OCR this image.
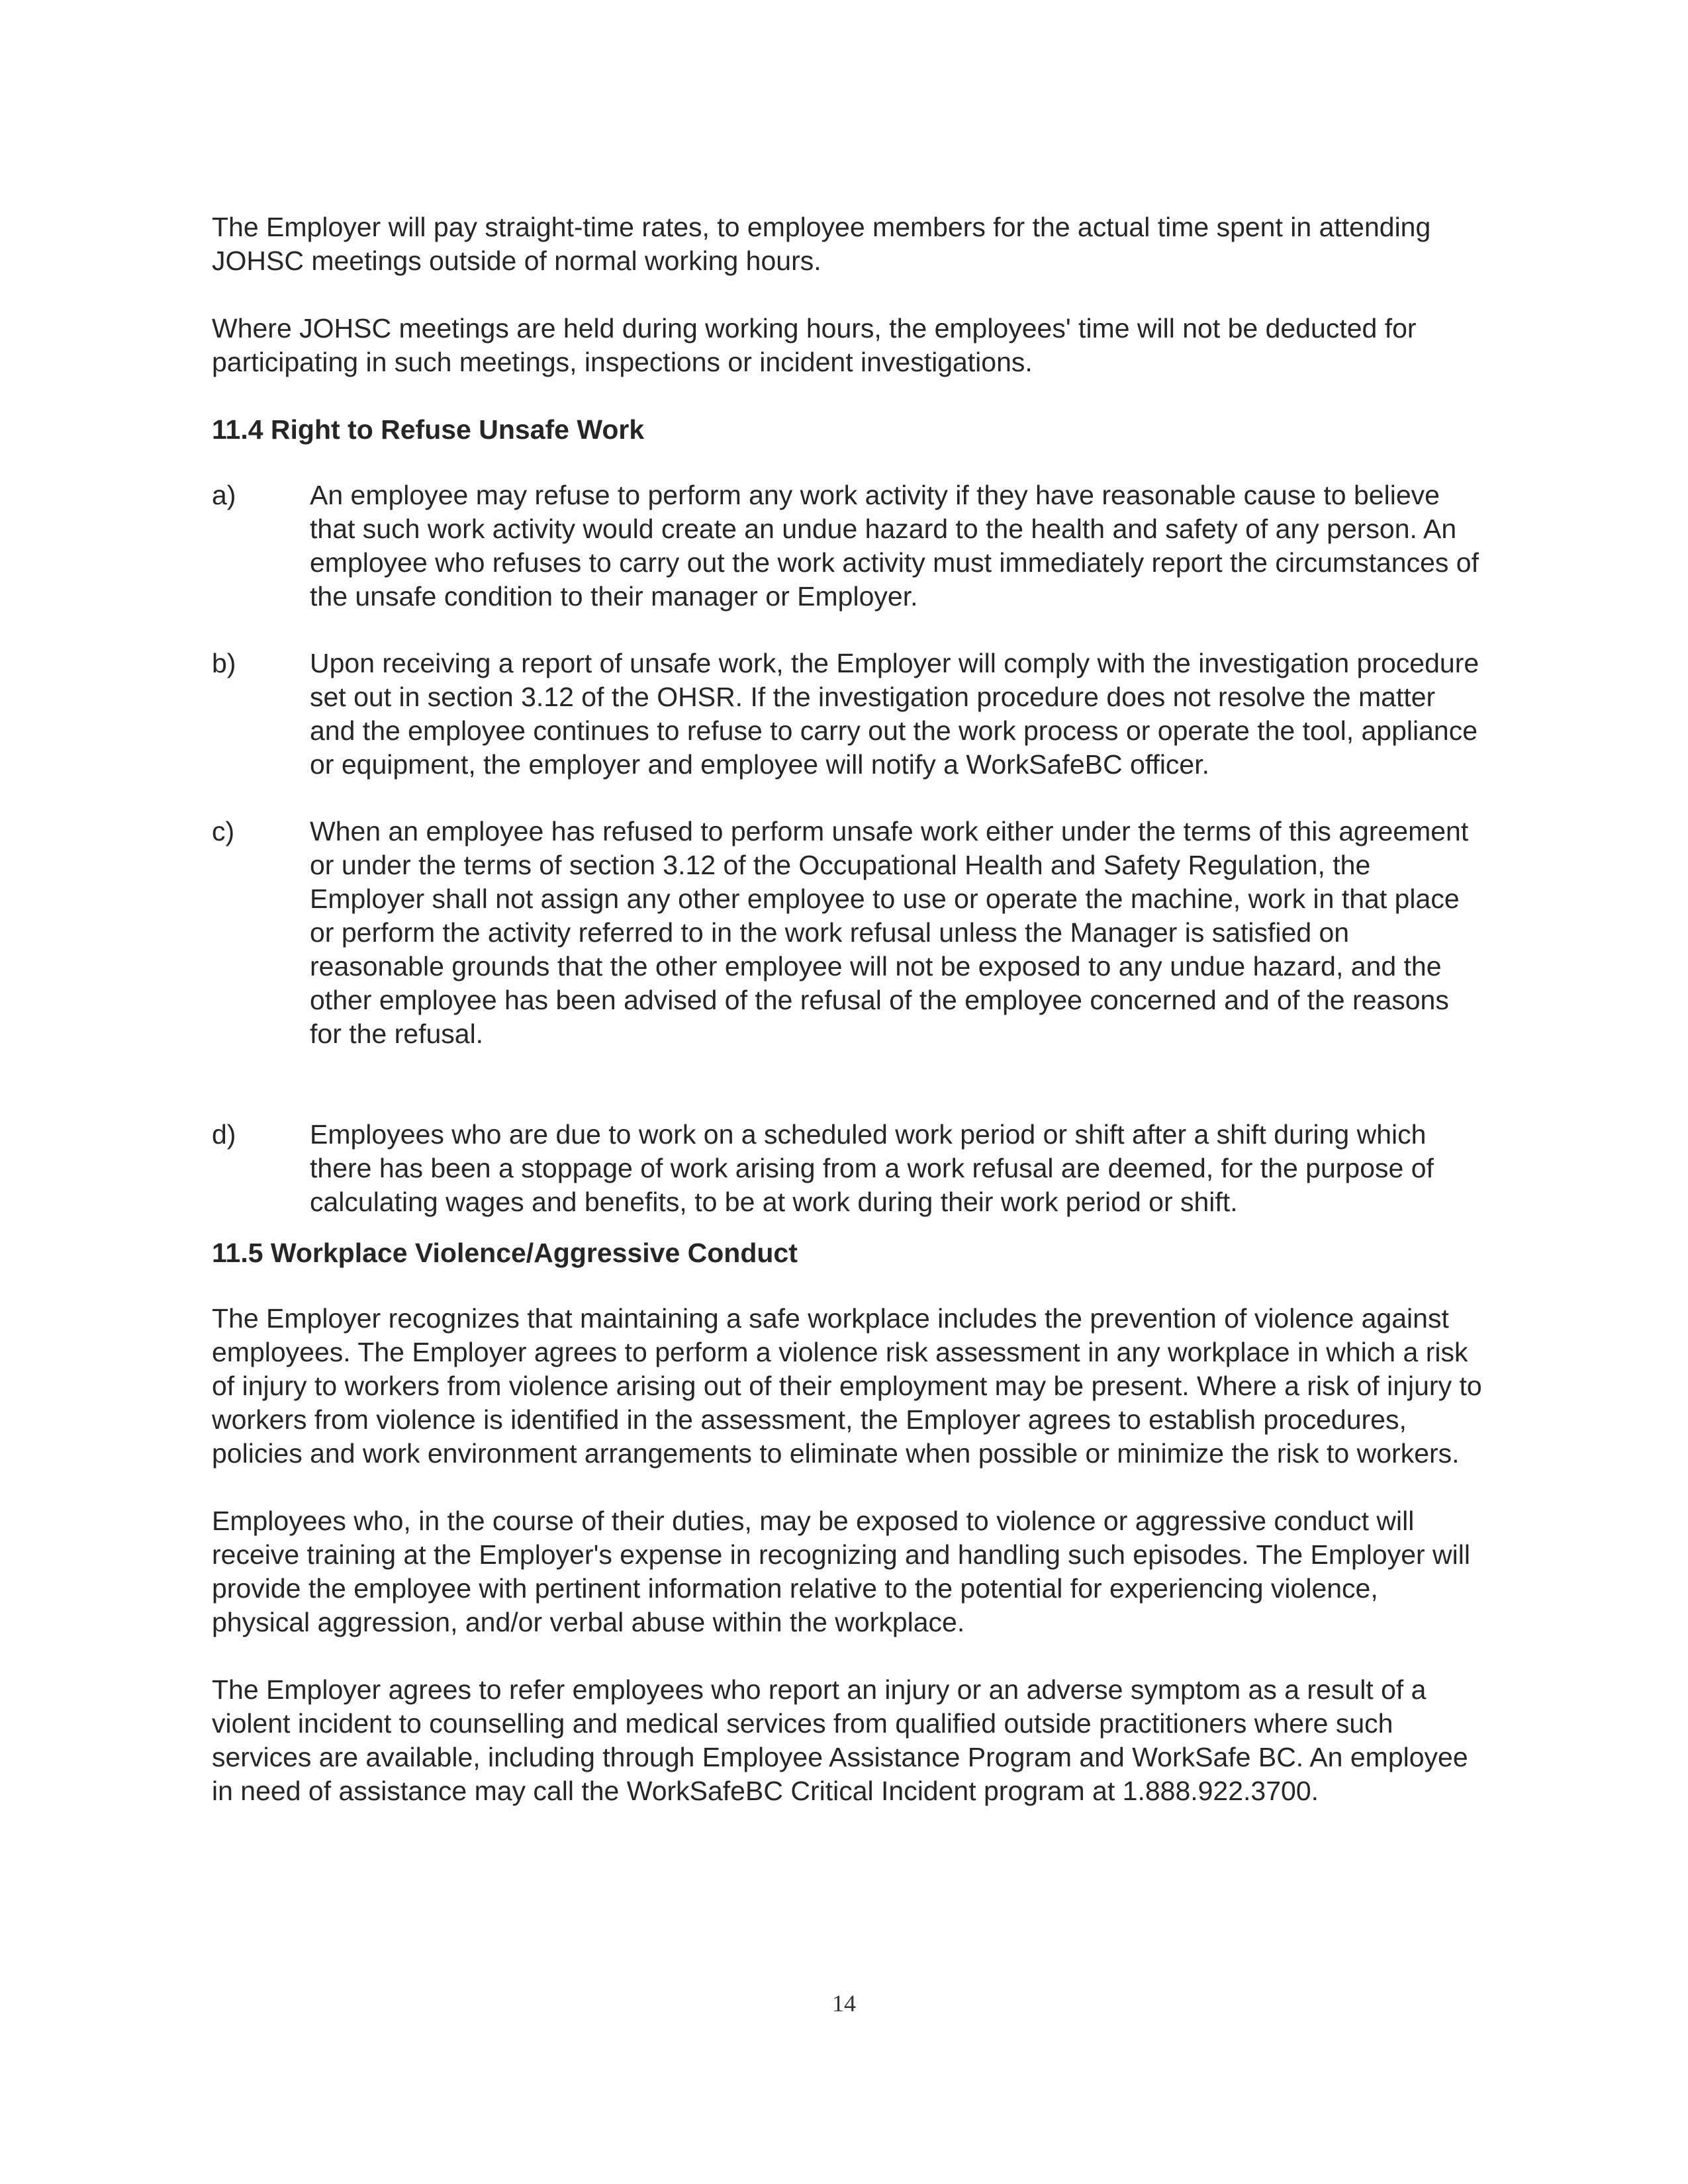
The Employer will pay straight-time rates, to employee members for the actual time spent in attending JOHSC meetings outside of normal working hours.

Where JOHSC meetings are held during working hours, the employees' time will not be deducted for participating in such meetings, inspections or incident investigations.

11.4 Right to Refuse Unsafe Work

a)	An employee may refuse to perform any work activity if they have reasonable cause to believe that such work activity would create an undue hazard to the health and safety of any person. An employee who refuses to carry out the work activity must immediately report the circumstances of the unsafe condition to their manager or Employer.

b)	Upon receiving a report of unsafe work, the Employer will comply with the investigation procedure set out in section 3.12 of the OHSR. If the investigation procedure does not resolve the matter and the employee continues to refuse to carry out the work process or operate the tool, appliance or equipment, the employer and employee will notify a WorkSafeBC officer.

c)	When an employee has refused to perform unsafe work either under the terms of this agreement or under the terms of section 3.12 of the Occupational Health and Safety Regulation, the Employer shall not assign any other employee to use or operate the machine, work in that place or perform the activity referred to in the work refusal unless the Manager is satisfied on reasonable grounds that the other employee will not be exposed to any undue hazard, and the other employee has been advised of the refusal of the employee concerned and of the reasons for the refusal.

d)	Employees who are due to work on a scheduled work period or shift after a shift during which there has been a stoppage of work arising from a work refusal are deemed, for the purpose of calculating wages and benefits, to be at work during their work period or shift.

11.5 Workplace Violence/Aggressive Conduct

The Employer recognizes that maintaining a safe workplace includes the prevention of violence against employees. The Employer agrees to perform a violence risk assessment in any workplace in which a risk of injury to workers from violence arising out of their employment may be present. Where a risk of injury to workers from violence is identified in the assessment, the Employer agrees to establish procedures, policies and work environment arrangements to eliminate when possible or minimize the risk to workers.

Employees who, in the course of their duties, may be exposed to violence or aggressive conduct will receive training at the Employer's expense in recognizing and handling such episodes. The Employer will provide the employee with pertinent information relative to the potential for experiencing violence, physical aggression, and/or verbal abuse within the workplace.

The Employer agrees to refer employees who report an injury or an adverse symptom as a result of a violent incident to counselling and medical services from qualified outside practitioners where such services are available, including through Employee Assistance Program and WorkSafe BC. An employee in need of assistance may call the WorkSafeBC Critical Incident program at 1.888.922.3700.

14
